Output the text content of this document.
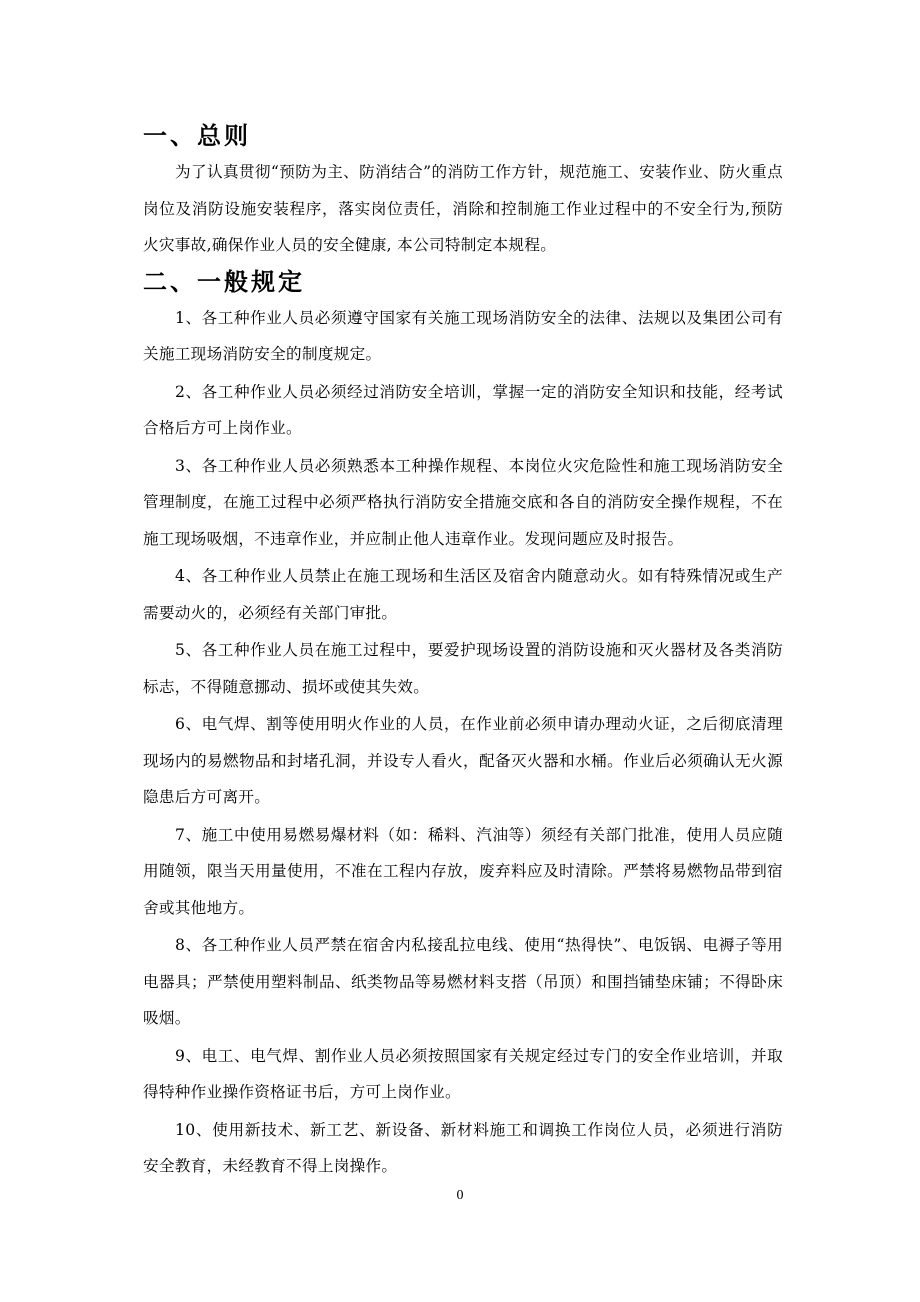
一、总则

为了认真贯彻“预防为主、防消结合”的消防工作方针，规范施工、安装作业、防火重点岗位及消防设施安装程序，落实岗位责任，消除和控制施工作业过程中的不安全行为,预防火灾事故,确保作业人员的安全健康, 本公司特制定本规程。

二、一般规定

1、各工种作业人员必须遵守国家有关施工现场消防安全的法律、法规以及集团公司有关施工现场消防安全的制度规定。

2、各工种作业人员必须经过消防安全培训，掌握一定的消防安全知识和技能，经考试合格后方可上岗作业。

3、各工种作业人员必须熟悉本工种操作规程、本岗位火灾危险性和施工现场消防安全管理制度，在施工过程中必须严格执行消防安全措施交底和各自的消防安全操作规程，不在施工现场吸烟，不违章作业，并应制止他人违章作业。发现问题应及时报告。

4、各工种作业人员禁止在施工现场和生活区及宿舍内随意动火。如有特殊情况或生产需要动火的，必须经有关部门审批。

5、各工种作业人员在施工过程中，要爱护现场设置的消防设施和灭火器材及各类消防标志，不得随意挪动、损坏或使其失效。

6、电气焊、割等使用明火作业的人员，在作业前必须申请办理动火证，之后彻底清理现场内的易燃物品和封堵孔洞，并设专人看火，配备灭火器和水桶。作业后必须确认无火源隐患后方可离开。

7、施工中使用易燃易爆材料（如：稀料、汽油等）须经有关部门批准，使用人员应随用随领，限当天用量使用，不准在工程内存放，废弃料应及时清除。严禁将易燃物品带到宿舍或其他地方。

8、各工种作业人员严禁在宿舍内私接乱拉电线、使用“热得快”、电饭锅、电褥子等用电器具；严禁使用塑料制品、纸类物品等易燃材料支搭（吊顶）和围挡铺垫床铺；不得卧床吸烟。

9、电工、电气焊、割作业人员必须按照国家有关规定经过专门的安全作业培训，并取得特种作业操作资格证书后，方可上岗作业。

10、使用新技术、新工艺、新设备、新材料施工和调换工作岗位人员，必须进行消防安全教育，未经教育不得上岗操作。

0
